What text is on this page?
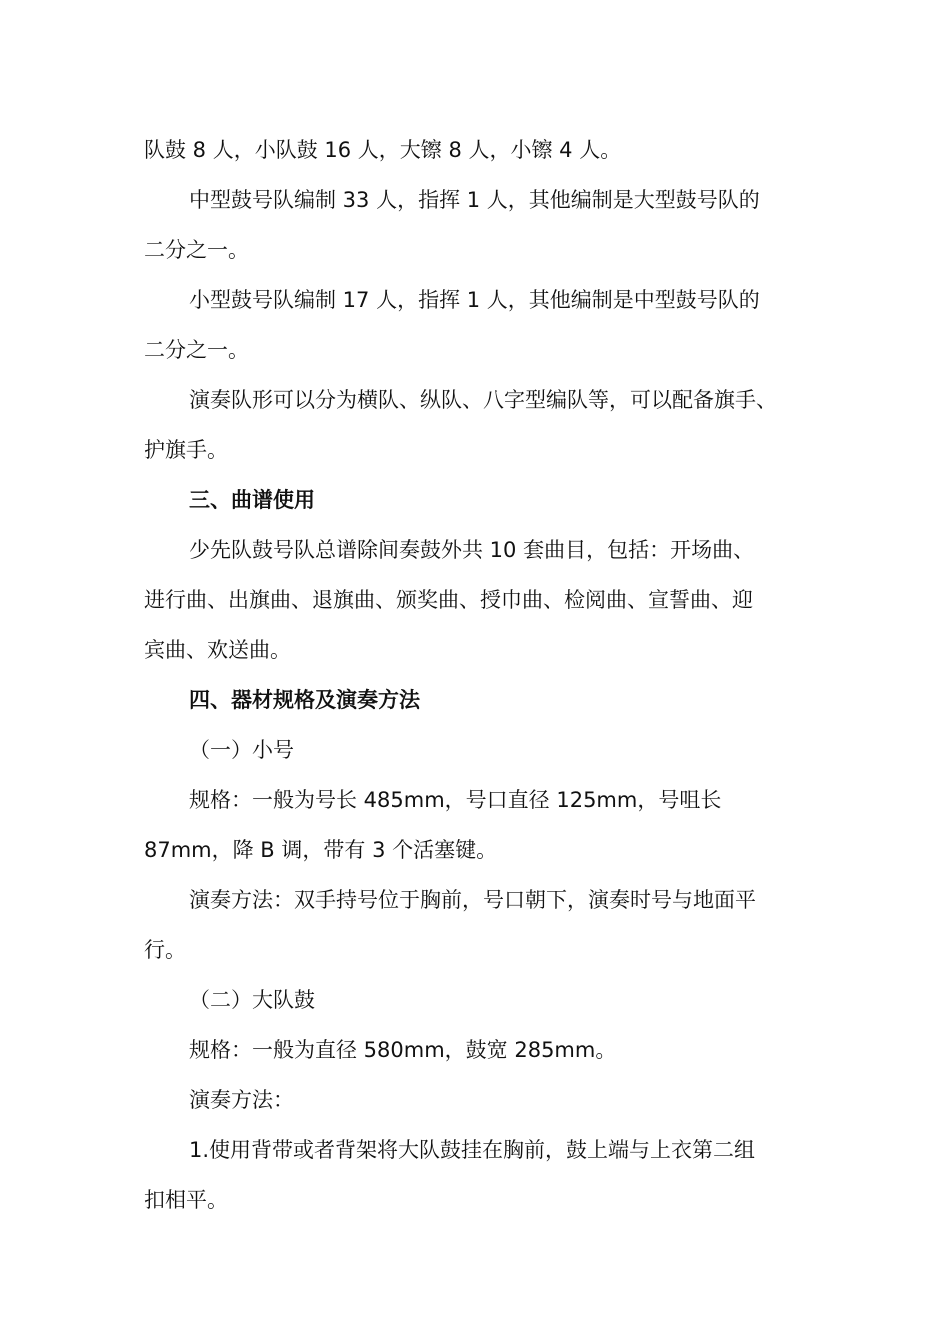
队鼓 8 人，小队鼓 16 人，大镲 8 人，小镲 4 人。
中型鼓号队编制 33 人，指挥 1 人，其他编制是大型鼓号队的
二分之一。
小型鼓号队编制 17 人，指挥 1 人，其他编制是中型鼓号队的
二分之一。
演奏队形可以分为横队、纵队、八字型编队等，可以配备旗手、
护旗手。
三、曲谱使用
少先队鼓号队总谱除间奏鼓外共 10 套曲目，包括：开场曲、
进行曲、出旗曲、退旗曲、颁奖曲、授巾曲、检阅曲、宣誓曲、迎
宾曲、欢送曲。
四、器材规格及演奏方法
（一）小号
规格：一般为号长 485mm，号口直径 125mm，号咀长
87mm，降 B 调，带有 3 个活塞键。
演奏方法：双手持号位于胸前，号口朝下，演奏时号与地面平
行。
（二）大队鼓
规格：一般为直径 580mm，鼓宽 285mm。
演奏方法：
1.使用背带或者背架将大队鼓挂在胸前，鼓上端与上衣第二组
扣相平。
